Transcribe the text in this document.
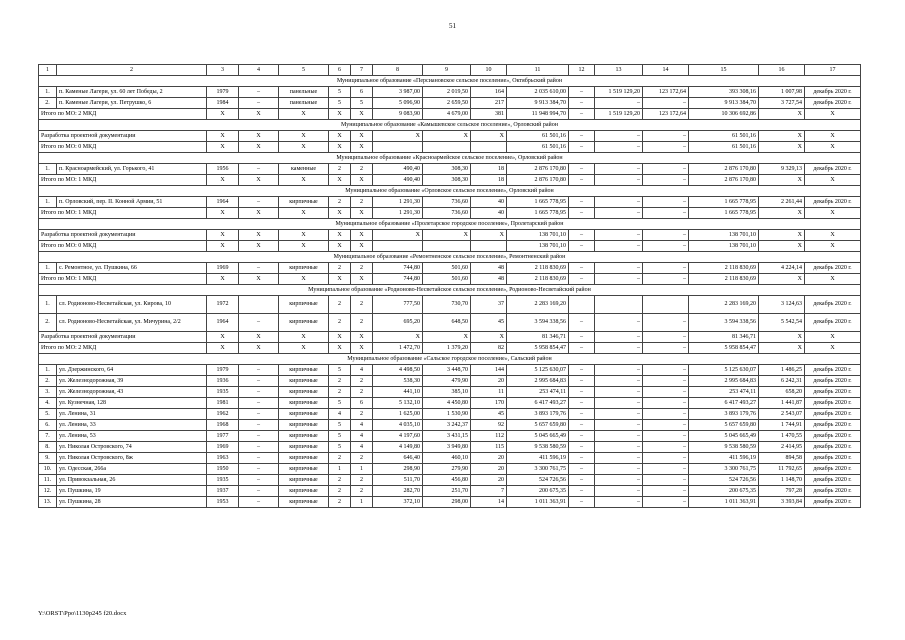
51
1	2	3	4	5	6	7	8	9	10	11	12	13	14	15	16	17
Муниципальное образование «Персиановское сельское поселение», Октябрьский район																
1.	п. Каменые Лагери, ул. 60 лет Победы, 2	1979	–	панельные	5	6	3 987,00	2 019,50	164	2 035 610,00	–	1 519 129,20	123 172,64	393 308,16	1 007,98	декабрь 2020 г.
2.	п. Каменые Лагери, ул. Петрушко, 6	1984	–	панельные	5	5	5 096,90	2 659,50	217	9 913 384,70	–	–	–	9 913 384,70	3 727,54	декабрь 2020 г.
Итого по МО: 2 МКД		X	X	X	X	X	9 083,90	4 679,00	381	11 948 994,70	–	1 519 129,20	123 172,64	10 306 692,86	X	X
Муниципальное образование «Камышевское сельское поселение», Орловский район																
Разработка проектной документации		X	X	X	X	X	X	X	X	61 501,16	–	–	–	61 501,16	X	X
Итого по МО: 0 МКД		X	X	X	X	X				61 501,16	–	–	–	61 501,16	X	X
Муниципальное образование «Красноармейское сельское поселение», Орловский район																
1.	п. Красноармейский, ул. Горького, 41	1956	–	каменные	2	2	490,40	308,30	18	2 876 170,80	–	–	–	2 876 170,80	9 329,13	декабрь 2020 г.
Итого по МО: 1 МКД		X	X	X	X	X	490,40	308,30	18	2 876 170,80	–	–	–	2 876 170,80	X	X
Муниципальное образование «Орловское сельское поселение», Орловский район																
1.	п. Орловский, пер. II. Конной Армии, 51	1964	–	кирпичные	2	2	1 291,30	736,60	40	1 665 778,95	–	–	–	1 665 778,95	2 261,44	декабрь 2020 г.
Итого по МО: 1 МКД		X	X	X	X	X	1 291,30	736,60	40	1 665 778,95	–	–	–	1 665 778,95	X	X
Муниципальное образование «Пролетарское городское поселение», Пролетарский район																
Разработка проектной документации		X	X	X	X	X	X	X	X	138 701,10	–	–	–	138 701,10	X	X
Итого по МО: 0 МКД		X	X	X	X	X				138 701,10	–	–	–	138 701,10	X	X
Муниципальное образование «Ремонтненское сельское поселение», Ремонтненский район																
1.	с. Ремонтное, ул. Пушкина, 66	1969	–	кирпичные	2	2	744,80	501,60	48	2 118 830,69	–	–	–	2 118 830,69	4 224,14	декабрь 2020 г.
Итого по МО: 1 МКД		X	X	X	X	X	744,80	501,60	48	2 118 830,69	–	–	–	2 118 830,69	X	X
Муниципальное образование «Родионово-Несветайское сельское поселение», Родионово-Несветайский район																
1.	сл. Родионово-Несветайская, ул. Кирова, 10	1972		кирпичные	2	2	777,50	730,70	37	2 283 169,20				2 283 169,20	3 124,63	декабрь 2020 г.
2.	сл. Родионово-Несветайская, ул. Мичурина, 2/2	1964	–	кирпичные	2	2	695,20	648,50	45	3 594 338,56	–	–	–	3 594 338,56	5 542,54	декабрь 2020 г.
Разработка проектной документации		X	X	X	X	X	X	X	X	81 346,71	–	–	–	81 346,71	X	X
Итого по МО: 2 МКД		X	X	X	X	X	1 472,70	1 379,20	82	5 958 854,47	–	–	–	5 958 854,47	X	X
Муниципальное образование «Сальское городское поселение», Сальский район																
1.	ул. Дзержинского, 64	1979	–	кирпичные	5	4	4 498,50	3 448,70	144	5 125 630,07	–	–	–	5 125 630,07	1 486,25	декабрь 2020 г.
2.	ул. Железнодорожная, 39	1936	–	кирпичные	2	2	538,30	479,90	20	2 995 684,83	–	–	–	2 995 684,83	6 242,31	декабрь 2020 г.
3.	ул. Железнодорожная, 43	1935	–	кирпичные	2	2	441,10	385,10	11	253 474,11	–	–	–	253 474,11	658,20	декабрь 2020 г.
4.	ул. Кузнечная, 128	1981	–	кирпичные	5	6	5 132,10	4 450,80	170	6 417 493,27	–	–	–	6 417 493,27	1 441,87	декабрь 2020 г.
5.	ул. Ленина, 31	1962	–	кирпичные	4	2	1 625,00	1 530,90	45	3 893 179,76	–	–	–	3 893 179,76	2 543,07	декабрь 2020 г.
6.	ул. Ленина, 33	1968	–	кирпичные	5	4	4 035,10	3 242,37	92	5 657 659,80	–	–	–	5 657 659,80	1 744,91	декабрь 2020 г.
7.	ул. Ленина, 53	1977	–	кирпичные	5	4	4 197,60	3 431,15	112	5 045 665,49	–	–	–	5 045 665,49	1 470,55	декабрь 2020 г.
8.	ул. Николая Островского, 74	1969	–	кирпичные	5	4	4 149,80	3 949,80	115	9 538 580,59	–	–	–	9 538 580,59	2 414,95	декабрь 2020 г.
9.	ул. Николая Островского, 8ж	1963	–	кирпичные	2	2	646,40	460,10	20	411 596,19	–	–	–	411 596,19	894,58	декабрь 2020 г.
10.	ул. Одесская, 266а	1950	–	кирпичные	1	1	298,90	279,90	20	3 300 761,75	–	–	–	3 300 761,75	11 792,65	декабрь 2020 г.
11.	ул. Привокзальная, 26	1935	–	кирпичные	2	2	511,70	456,80	20	524 726,56	–	–	–	524 726,56	1 148,70	декабрь 2020 г.
12.	ул. Пушкина, 19	1937	–	кирпичные	2	2	282,70	251,70	7	200 675,35	–	–	–	200 675,35	797,28	декабрь 2020 г.
13.	ул. Пушкина, 28	1953	–	кирпичные	2	1	372,10	298,00	14	1 011 363,91	–	–	–	1 011 363,91	3 393,84	декабрь 2020 г.
Y:\ORST\Ppo\1130p245 f20.docx
